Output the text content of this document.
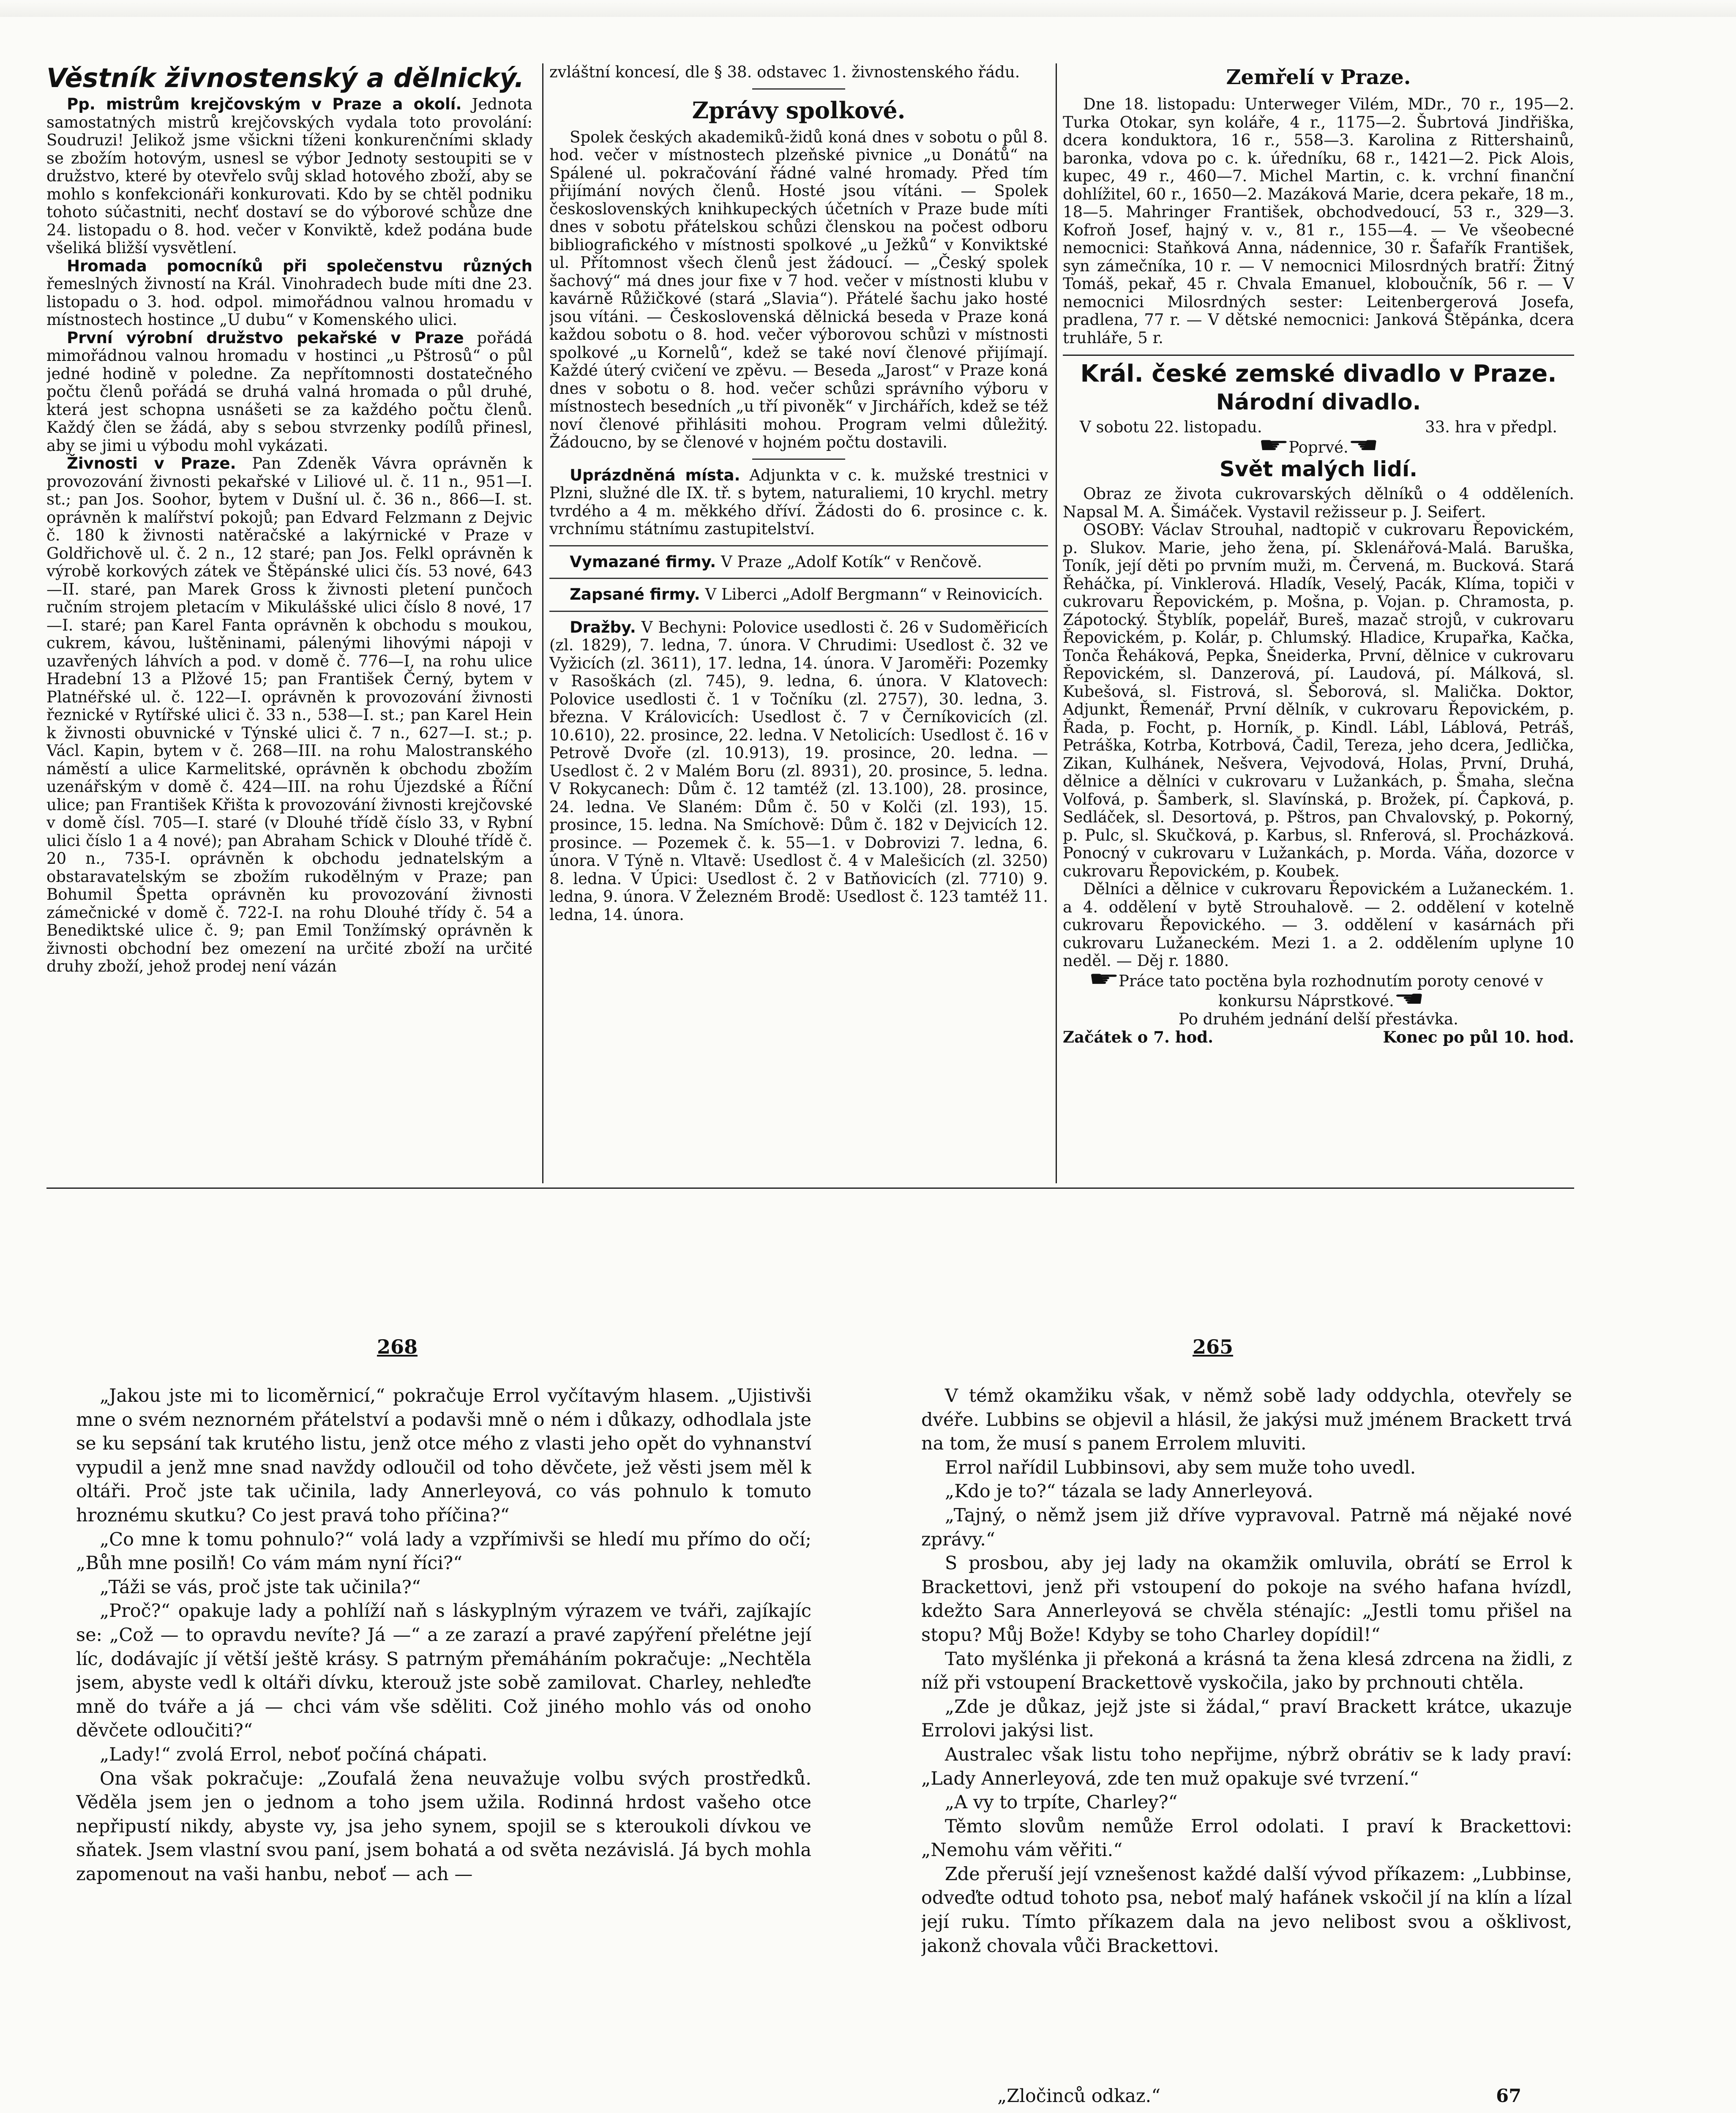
Věstník živnostenský a dělnický.

Pp. mistrům krejčovským v Praze a okolí. Jednota samostatných mistrů krejčovských vydala toto provolání: Soudruzi! Jelikož jsme všickni tíženi konkurenčními sklady se zbožím hotovým, usnesl se výbor Jednoty sestoupiti se v družstvo, které by otevřelo svůj sklad hotového zboží, aby se mohlo s konfekcionáři konkurovati. Kdo by se chtěl podniku tohoto súčastniti, nechť dostaví se do výborové schůze dne 24. listopadu o 8. hod. večer v Konviktě, kdež podána bude všeliká bližší vysvětlení.

Hromada pomocníků při společenstvu různých řemeslných živností na Král. Vinohradech bude míti dne 23. listopadu o 3. hod. odpol. mimořádnou valnou hromadu v místnostech hostince „U dubu“ v Komenského ulici.

První výrobní družstvo pekařské v Praze pořádá mimořádnou valnou hromadu v hostinci „u Pštrosů“ o půl jedné hodině v poledne. Za nepřítomnosti dostatečného počtu členů pořádá se druhá valná hromada o půl druhé, která jest schopna usnášeti se za každého počtu členů. Každý člen se žádá, aby s sebou stvrzenky podílů přinesl, aby se jimi u výbodu mohl vykázati.

Živnosti v Praze. Pan Zdeněk Vávra oprávněn k provozování živnosti pekařské v Liliové ul. č. 11 n., 951—I. st.; pan Jos. Soohor, bytem v Dušní ul. č. 36 n., 866—I. st. oprávněn k malířství pokojů; pan Edvard Felzmann z Dejvic č. 180 k živnosti natěračské a lakýrnické v Praze v Goldřichově ul. č. 2 n., 12 staré; pan Jos. Felkl oprávněn k výrobě korkových zátek ve Štěpánské ulici čís. 53 nové, 643—II. staré, pan Marek Gross k živnosti pletení punčoch ručním strojem pletacím v Mikulášské ulici číslo 8 nové, 17—I. staré; pan Karel Fanta oprávněn k obchodu s moukou, cukrem, kávou, luštěninami, pálenými lihovými nápoji v uzavřených láhvích a pod. v domě č. 776—I, na rohu ulice Hradební 13 a Plžové 15; pan František Černý, bytem v Platnéřské ul. č. 122—I. oprávněn k provozování živnosti řeznické v Rytířské ulici č. 33 n., 538—I. st.; pan Karel Hein k živnosti obuvnické v Týnské ulici č. 7 n., 627—I. st.; p. Václ. Kapin, bytem v č. 268—III. na rohu Malostranského náměstí a ulice Karmelitské, oprávněn k obchodu zbožím uzenářským v domě č. 424—III. na rohu Újezdské a Říční ulice; pan František Křišta k provozování živnosti krejčovské v domě čísl. 705—I. staré (v Dlouhé třídě číslo 33, v Rybní ulici číslo 1 a 4 nové); pan Abraham Schick v Dlouhé třídě č. 20 n., 735-I. oprávněn k obchodu jednatelským a obstaravatelským se zbožím rukodělným v Praze; pan Bohumil Špetta oprávněn ku provozování živnosti zámečnické v domě č. 722-I. na rohu Dlouhé třídy č. 54 a Benediktské ulice č. 9; pan Emil Tonžímský oprávněn k živnosti obchodní bez omezení na určité zboží na určité druhy zboží, jehož prodej není vázán

zvláštní koncesí, dle § 38. odstavec 1. živnostenského řádu.

Zprávy spolkové.

Spolek českých akademiků-židů koná dnes v sobotu o půl 8. hod. večer v místnostech plzeňské pivnice „u Donátů“ na Spálené ul. pokračování řádné valné hromady. Před tím přijímání nových členů. Hosté jsou vítáni. — Spolek československých knihkupeckých účetních v Praze bude míti dnes v sobotu přátelskou schůzi členskou na počest odboru bibliografického v místnosti spolkové „u Ježků“ v Konviktské ul. Přítomnost všech členů jest žádoucí. — „Český spolek šachový“ má dnes jour fixe v 7 hod. večer v místnosti klubu v kavárně Růžičkové (stará „Slavia“). Přátelé šachu jako hosté jsou vítáni. — Československá dělnická beseda v Praze koná každou sobotu o 8. hod. večer výborovou schůzi v místnosti spolkové „u Kornelů“, kdež se také noví členové přijímají. Každé úterý cvičení ve zpěvu. — Beseda „Jarost“ v Praze koná dnes v sobotu o 8. hod. večer schůzi správního výboru v místnostech besedních „u tří pivoněk“ v Jirchářích, kdež se též noví členové přihlásiti mohou. Program velmi důležitý. Žádoucno, by se členové v hojném počtu dostavili.

Uprázdněná místa. Adjunkta v c. k. mužské trestnici v Plzni, služné dle IX. tř. s bytem, naturaliemi, 10 krychl. metry tvrdého a 4 m. měkkého dříví. Žádosti do 6. prosince c. k. vrchnímu státnímu zastupitelství.

Vymazané firmy. V Praze „Adolf Kotík“ v Renčově.

Zapsané firmy. V Liberci „Adolf Bergmann“ v Reinovicích.

Dražby. V Bechyni: Polovice usedlosti č. 26 v Sudoměřicích (zl. 1829), 7. ledna, 7. února. V Chrudimi: Usedlost č. 32 ve Vyžicích (zl. 3611), 17. ledna, 14. února. V Jaroměři: Pozemky v Rasoškách (zl. 745), 9. ledna, 6. února. V Klatovech: Polovice usedlosti č. 1 v Točníku (zl. 2757), 30. ledna, 3. března. V Královicích: Usedlost č. 7 v Černíkovicích (zl. 10.610), 22. prosince, 22. ledna. V Netolicích: Usedlost č. 16 v Petrově Dvoře (zl. 10.913), 19. prosince, 20. ledna. — Usedlost č. 2 v Malém Boru (zl. 8931), 20. prosince, 5. ledna. V Rokycanech: Dům č. 12 tamtéž (zl. 13.100), 28. prosince, 24. ledna. Ve Slaném: Dům č. 50 v Kolči (zl. 193), 15. prosince, 15. ledna. Na Smíchově: Dům č. 182 v Dejvicích 12. prosince. — Pozemek č. k. 55—1. v Dobrovizi 7. ledna, 6. února. V Týně n. Vltavě: Usedlost č. 4 v Malešicích (zl. 3250) 8. ledna. V Úpici: Usedlost č. 2 v Batňovicích (zl. 7710) 9. ledna, 9. února. V Železném Brodě: Usedlost č. 123 tamtéž 11. ledna, 14. února.

Zemřelí v Praze.

Dne 18. listopadu: Unterweger Vilém, MDr., 70 r., 195—2. Turka Otokar, syn koláře, 4 r., 1175—2. Šubrtová Jindřiška, dcera konduktora, 16 r., 558—3. Karolina z Rittershainů, baronka, vdova po c. k. úředníku, 68 r., 1421—2. Pick Alois, kupec, 49 r., 460—7. Michel Martin, c. k. vrchní finanční dohlížitel, 60 r., 1650—2. Mazáková Marie, dcera pekaře, 18 m., 18—5. Mahringer František, obchodvedoucí, 53 r., 329—3. Kofroň Josef, hajný v. v., 81 r., 155—4. — Ve všeobecné nemocnici: Staňková Anna, nádennice, 30 r. Šafařík František, syn zámečníka, 10 r. — V nemocnici Milosrdných bratří: Žitný Tomáš, pekař, 45 r. Chvala Emanuel, kloboučník, 56 r. — V nemocnici Milosrdných sester: Leitenbergerová Josefa, pradlena, 77 r. — V dětské nemocnici: Janková Štěpánka, dcera truhláře, 5 r.

Král. české zemské divadlo v Praze.
Národní divadlo.
V sobotu 22. listopadu.	33. hra v předpl.

☛ Poprvé. ☚

Svět malých lidí.

Obraz ze života cukrovarských dělníků o 4 odděleních. Napsal M. A. Šimáček. Vystavil režisseur p. J. Seifert.

OSOBY: Václav Strouhal, nadtopič v cukrovaru Řepovickém, p. Slukov. Marie, jeho žena, pí. Sklenářová-Malá. Baruška, Toník, její děti po prvním muži, m. Červená, m. Bucková. Stará Řeháčka, pí. Vinklerová. Hladík, Veselý, Pacák, Klíma, topiči v cukrovaru Řepovickém, p. Mošna, p. Vojan. p. Chramosta, p. Zápotocký. Štyblík, popelář, Bureš, mazač strojů, v cukrovaru Řepovickém, p. Kolár, p. Chlumský. Hladice, Krupařka, Kačka, Tonča Řeháková, Pepka, Šneiderka, První, dělnice v cukrovaru Řepovickém, sl. Danzerová, pí. Laudová, pí. Málková, sl. Kubešová, sl. Fistrová, sl. Šeborová, sl. Malička. Doktor, Adjunkt, Řemenář, První dělník, v cukrovaru Řepovickém, p. Řada, p. Focht, p. Horník, p. Kindl. Lábl, Láblová, Petráš, Petráška, Kotrba, Kotrbová, Čadil, Tereza, jeho dcera, Jedlička, Zikan, Kulhánek, Nešvera, Vejvodová, Holas, První, Druhá, dělnice a dělníci v cukrovaru v Lužankách, p. Šmaha, slečna Volfová, p. Šamberk, sl. Slavínská, p. Brožek, pí. Čapková, p. Sedláček, sl. Desortová, p. Pštros, pan Chvalovský, p. Pokorný, p. Pulc, sl. Skučková, p. Karbus, sl. Rnferová, sl. Procházková. Ponocný v cukrovaru v Lužankách, p. Morda. Váňa, dozorce v cukrovaru Řepovickém, p. Koubek.

Dělníci a dělnice v cukrovaru Řepovickém a Lužaneckém. 1. a 4. oddělení v bytě Strouhalově. — 2. oddělení v kotelně cukrovaru Řepovického. — 3. oddělení v kasárnách při cukrovaru Lužaneckém. Mezi 1. a 2. oddělením uplyne 10 neděl. — Děj r. 1880.

☛ Práce tato poctěna byla rozhodnutím poroty cenové v konkursu Náprstkové. ☚

Po druhém jednání delší přestávka.

Začátek o 7. hod.	Konec po půl 10. hod.
268

„Jakou jste mi to licoměrnicí,“ pokračuje Errol vyčítavým hlasem. „Ujistivši mne o svém neznorném přátelství a podavši mně o ném i důkazy, odhodlala jste se ku sepsání tak krutého listu, jenž otce mého z vlasti jeho opět do vyhnanství vypudil a jenž mne snad navždy odloučil od toho děvčete, jež věsti jsem měl k oltáři. Proč jste tak učinila, lady Annerleyová, co vás pohnulo k tomuto hroznému skutku? Co jest pravá toho příčina?“

„Co mne k tomu pohnulo?“ volá lady a vzpřímivši se hledí mu přímo do očí; „Bůh mne posilň! Co vám mám nyní říci?“

„Táži se vás, proč jste tak učinila?“

„Proč?“ opakuje lady a pohlíží naň s láskyplným výrazem ve tváři, zajíkajíc se: „Což — to opravdu nevíte? Já —“ a ze zarazí a pravé zapýření přelétne její líc, dodávajíc jí větší ještě krásy. S patrným přemáháním pokračuje: „Nechtěla jsem, abyste vedl k oltáři dívku, kterouž jste sobě zamilovat. Charley, nehleďte mně do tváře a já — chci vám vše sděliti. Což jiného mohlo vás od onoho děvčete odloučiti?“

„Lady!“ zvolá Errol, neboť počíná chápati.

Ona však pokračuje: „Zoufalá žena neuvažuje volbu svých prostředků. Věděla jsem jen o jednom a toho jsem užila. Rodinná hrdost vašeho otce nepřipustí nikdy, abyste vy, jsa jeho synem, spojil se s kteroukoli dívkou ve sňatek. Jsem vlastní svou paní, jsem bohatá a od světa nezávislá. Já bych mohla zapomenout na vaši hanbu, neboť — ach —

265

V témž okamžiku však, v němž sobě lady oddychla, otevřely se dvéře. Lubbins se objevil a hlásil, že jakýsi muž jménem Brackett trvá na tom, že musí s panem Errolem mluviti.

Errol nařídil Lubbinsovi, aby sem muže toho uvedl.

„Kdo je to?“ tázala se lady Annerleyová.

„Tajný, o němž jsem již dříve vypravoval. Patrně má nějaké nové zprávy.“

S prosbou, aby jej lady na okamžik omluvila, obrátí se Errol k Brackettovi, jenž při vstoupení do pokoje na svého hafana hvízdl, kdežto Sara Annerleyová se chvěla sténajíc: „Jestli tomu přišel na stopu? Můj Bože! Kdyby se toho Charley dopídil!“

Tato myšlénka ji překoná a krásná ta žena klesá zdrcena na židli, z níž při vstoupení Brackettově vyskočila, jako by prchnouti chtěla.

„Zde je důkaz, jejž jste si žádal,“ praví Brackett krátce, ukazuje Errolovi jakýsi list.

Australec však listu toho nepřijme, nýbrž obrátiv se k lady praví: „Lady Annerleyová, zde ten muž opakuje své tvrzení.“

„A vy to trpíte, Charley?“

Těmto slovům nemůže Errol odolati. I praví k Brackettovi: „Nemohu vám věřiti.“

Zde přeruší její vznešenost každé další vývod příkazem: „Lubbinse, odveďte odtud tohoto psa, neboť malý hafánek vskočil jí na klín a lízal její ruku. Tímto příkazem dala na jevo nelibost svou a ošklivost, jakonž chovala vůči Brackettovi.

„Zločinců odkaz.“	67
